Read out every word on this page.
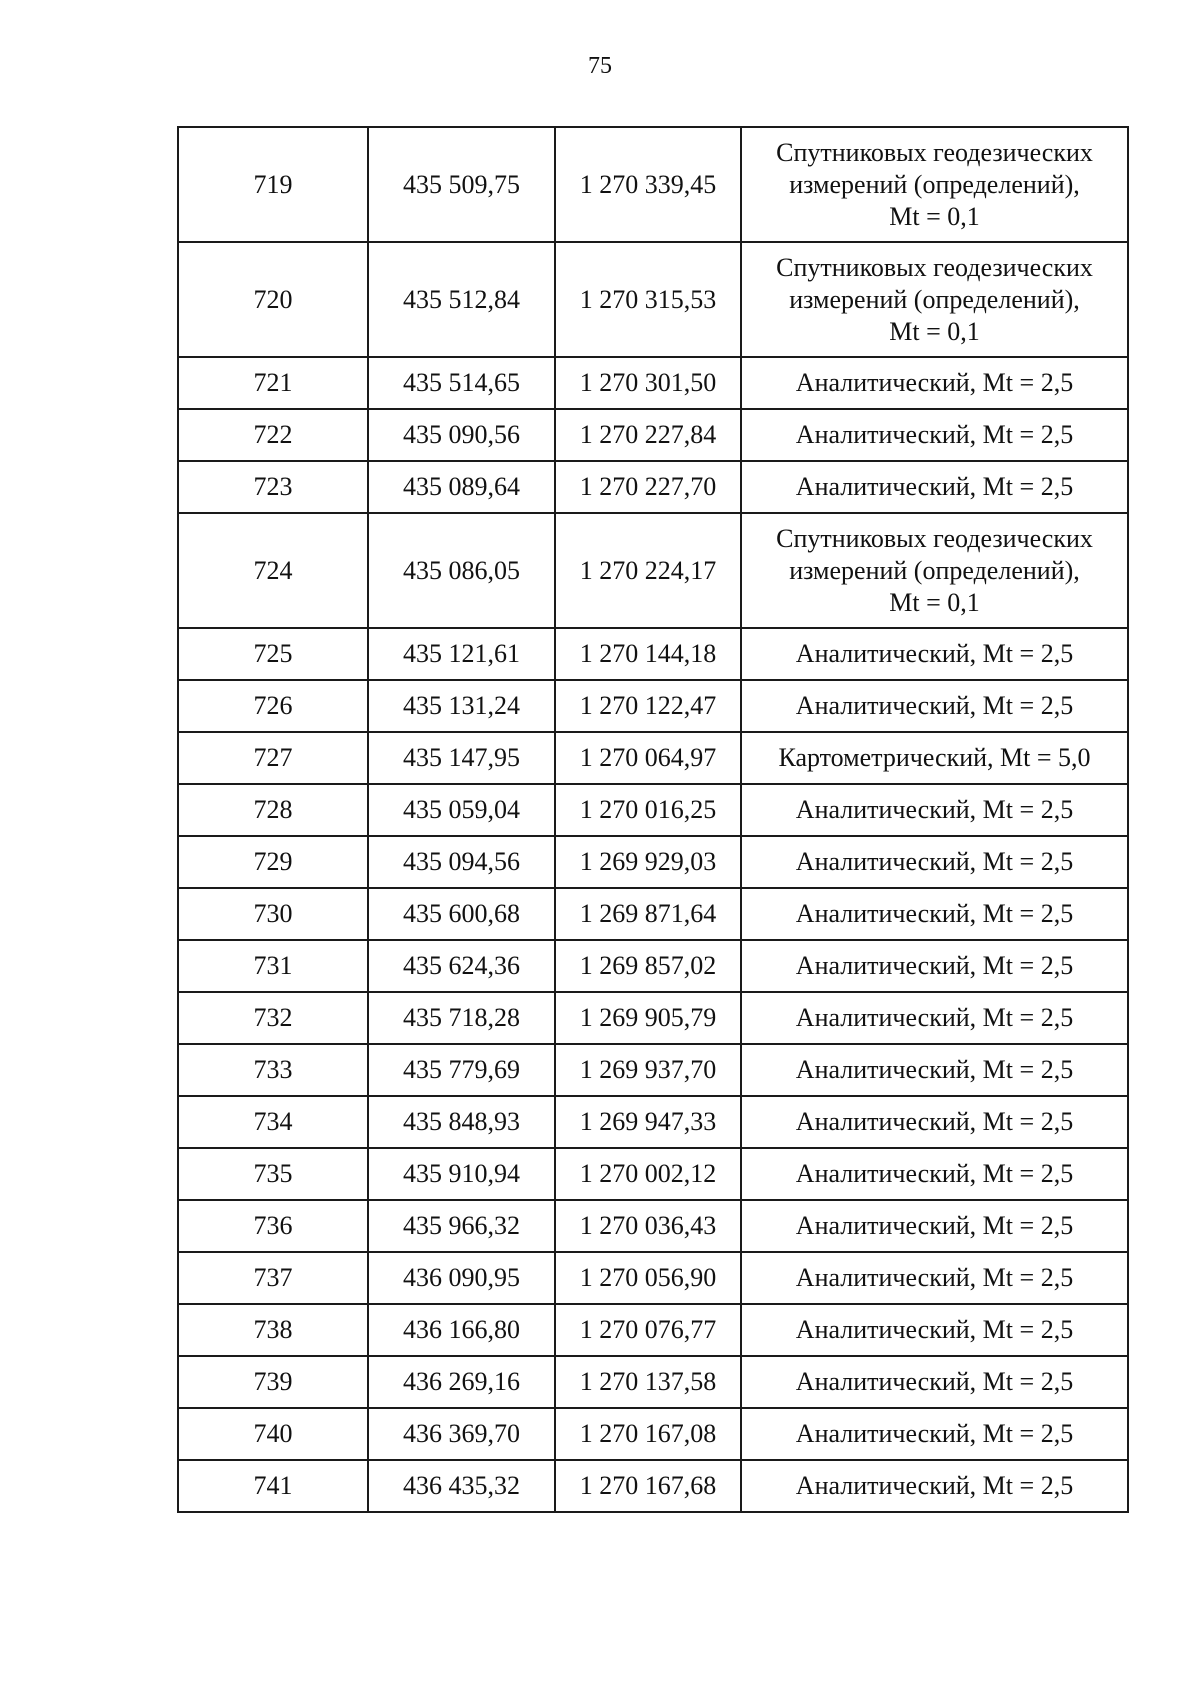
75
719	435 509,75	1 270 339,45	Спутниковых геодезических
измерений (определений),
Mt = 0,1

720	435 512,84	1 270 315,53	Спутниковых геодезических
измерений (определений),
Mt = 0,1

721	435 514,65	1 270 301,50	Аналитический, Mt = 2,5

722	435 090,56	1 270 227,84	Аналитический, Mt = 2,5

723	435 089,64	1 270 227,70	Аналитический, Mt = 2,5

724	435 086,05	1 270 224,17	Спутниковых геодезических
измерений (определений),
Mt = 0,1

725	435 121,61	1 270 144,18	Аналитический, Mt = 2,5

726	435 131,24	1 270 122,47	Аналитический, Mt = 2,5

727	435 147,95	1 270 064,97	Картометрический, Mt = 5,0

728	435 059,04	1 270 016,25	Аналитический, Mt = 2,5

729	435 094,56	1 269 929,03	Аналитический, Mt = 2,5

730	435 600,68	1 269 871,64	Аналитический, Mt = 2,5

731	435 624,36	1 269 857,02	Аналитический, Mt = 2,5

732	435 718,28	1 269 905,79	Аналитический, Mt = 2,5

733	435 779,69	1 269 937,70	Аналитический, Mt = 2,5

734	435 848,93	1 269 947,33	Аналитический, Mt = 2,5

735	435 910,94	1 270 002,12	Аналитический, Mt = 2,5

736	435 966,32	1 270 036,43	Аналитический, Mt = 2,5

737	436 090,95	1 270 056,90	Аналитический, Mt = 2,5

738	436 166,80	1 270 076,77	Аналитический, Mt = 2,5

739	436 269,16	1 270 137,58	Аналитический, Mt = 2,5

740	436 369,70	1 270 167,08	Аналитический, Mt = 2,5

741	436 435,32	1 270 167,68	Аналитический, Mt = 2,5
